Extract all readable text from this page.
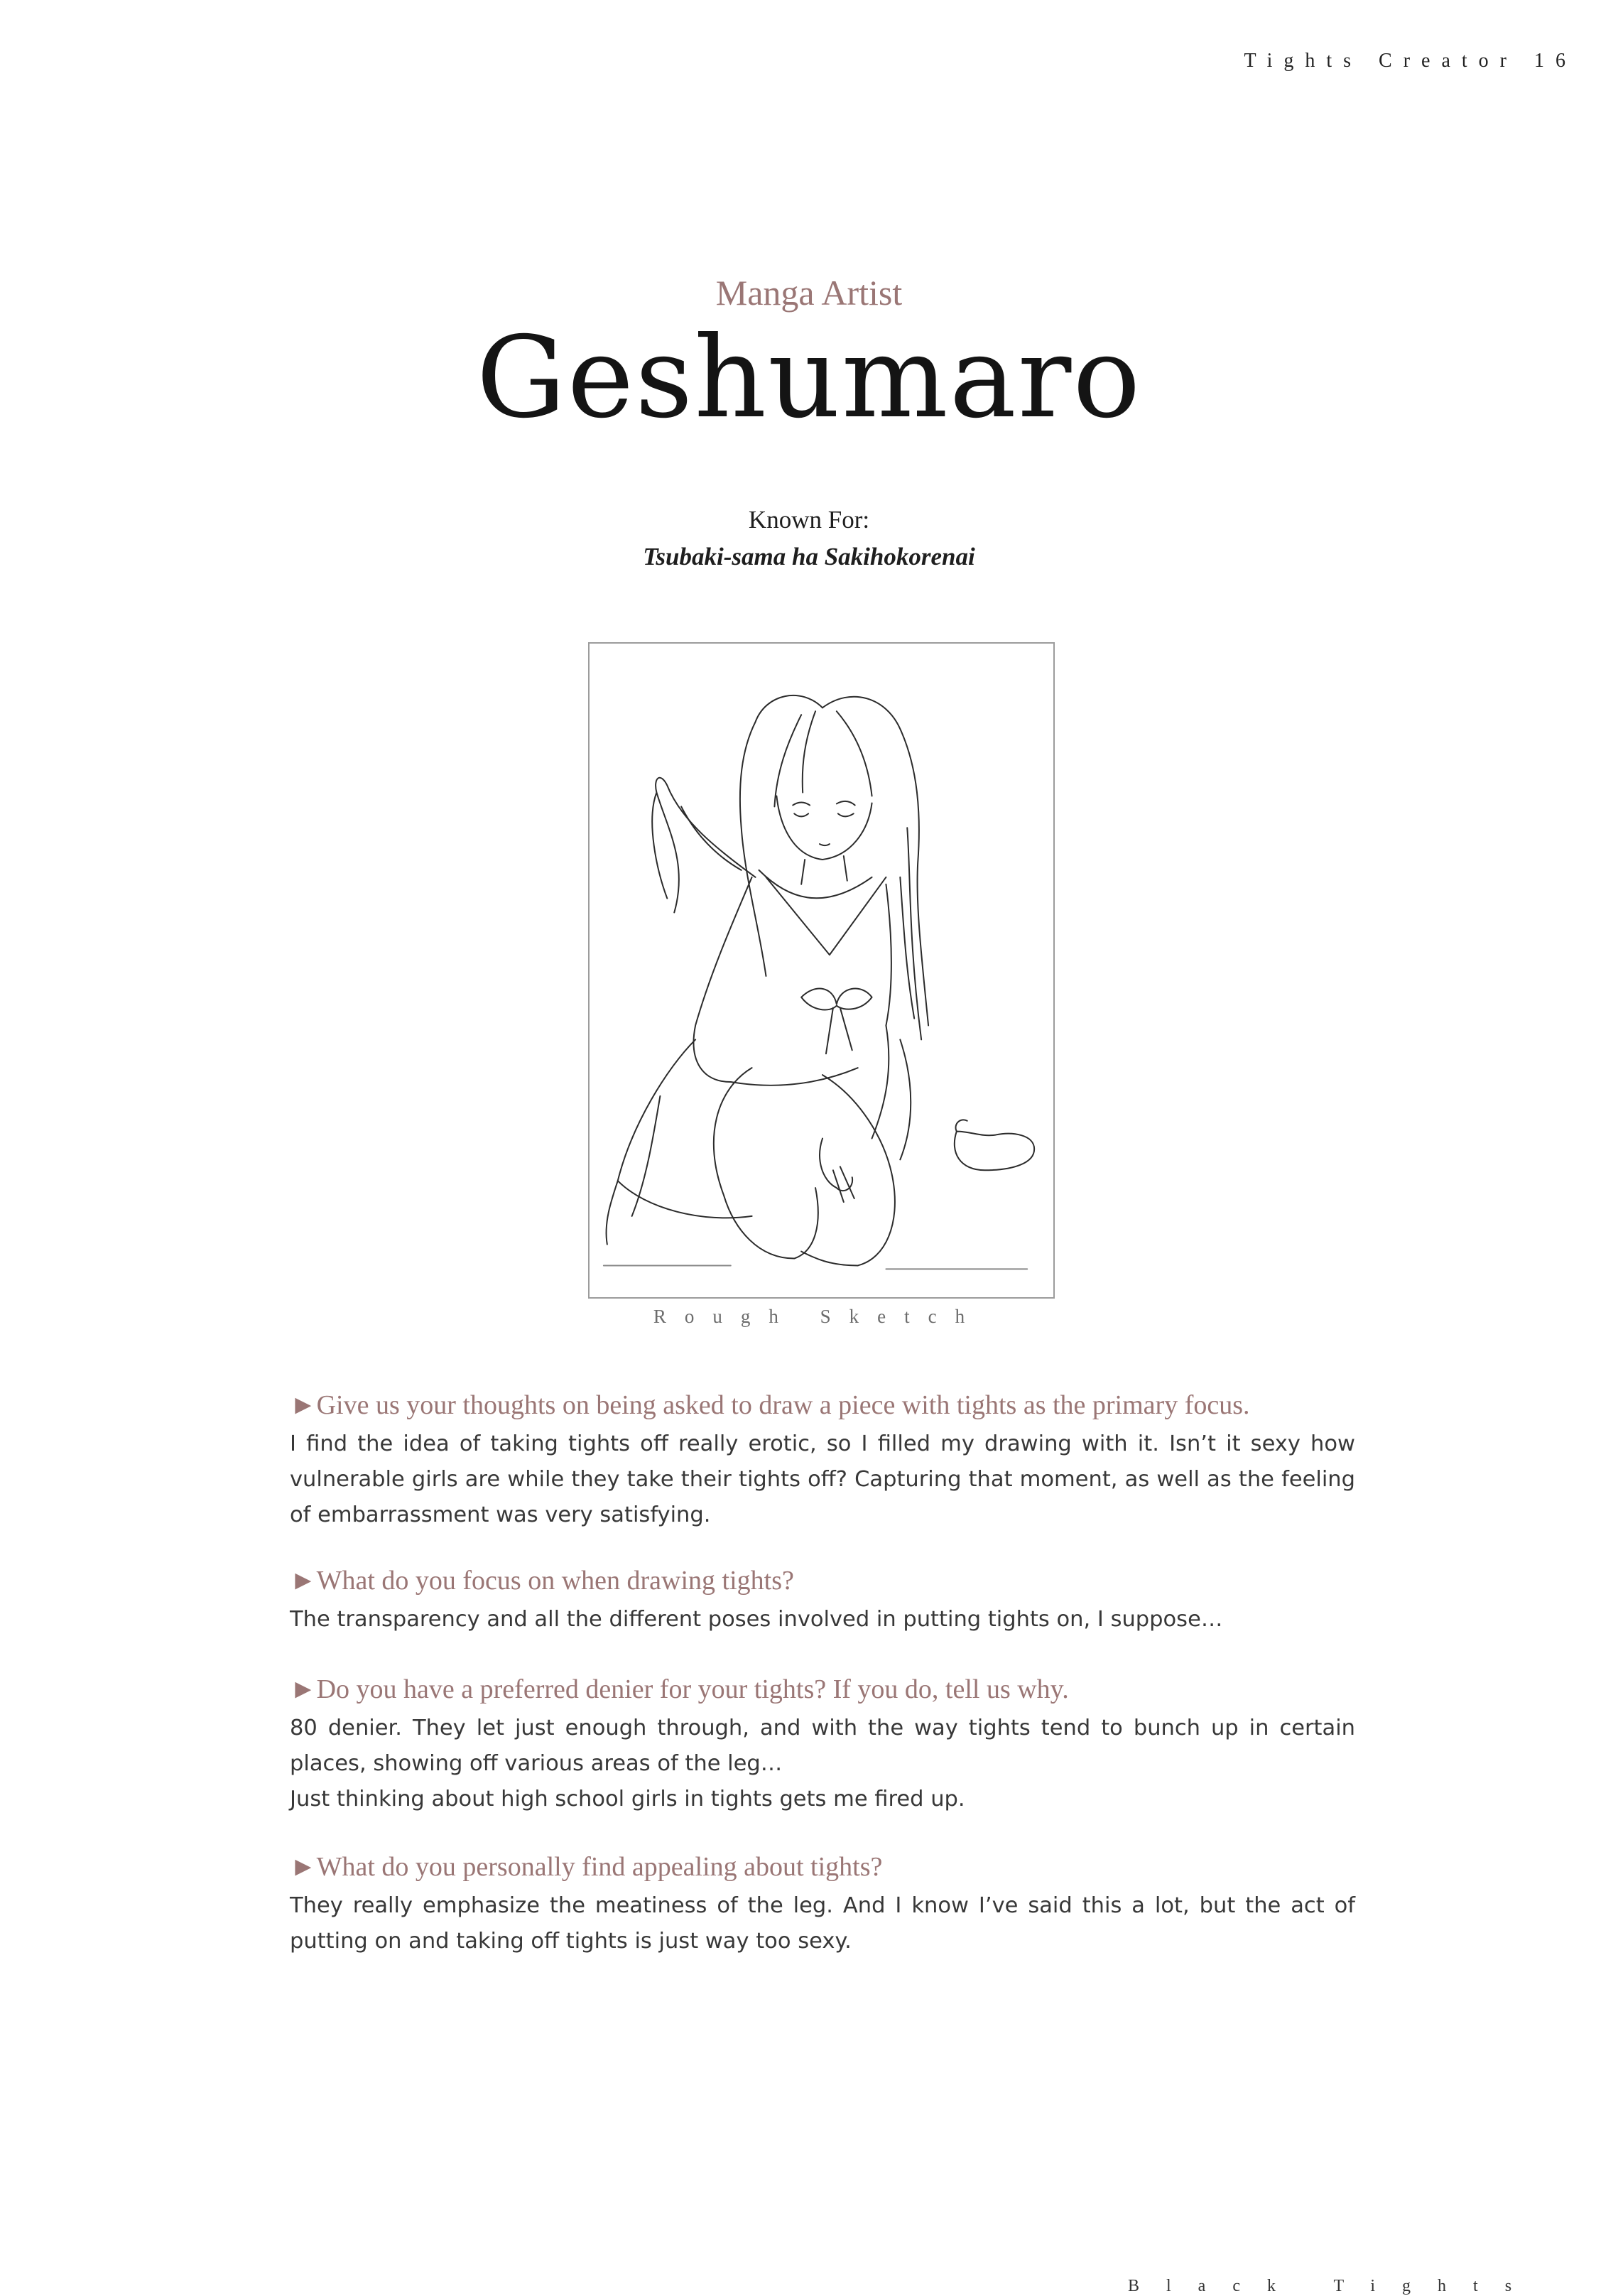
Tights Creator 16
Manga Artist
Geshumaro
Known For:
Tsubaki-sama ha Sakihokorenai
Rough Sketch
►Give us your thoughts on being asked to draw a piece with tights as the primary focus.

I find the idea of taking tights off really erotic, so I filled my drawing with it. Isn’t it sexy how vulnerable girls are while they take their tights off? Capturing that moment, as well as the feeling of embarrassment was very satisfying.

►What do you focus on when drawing tights?

The transparency and all the different poses involved in putting tights on, I suppose…

►Do you have a preferred denier for your tights? If you do, tell us why.

80 denier. They let just enough through, and with the way tights tend to bunch up in certain places, showing off various areas of the leg…

Just thinking about high school girls in tights gets me fired up.

►What do you personally find appealing about tights?

They really emphasize the meatiness of the leg. And I know I’ve said this a lot, but the act of putting on and taking off tights is just way too sexy.

Black Tights
